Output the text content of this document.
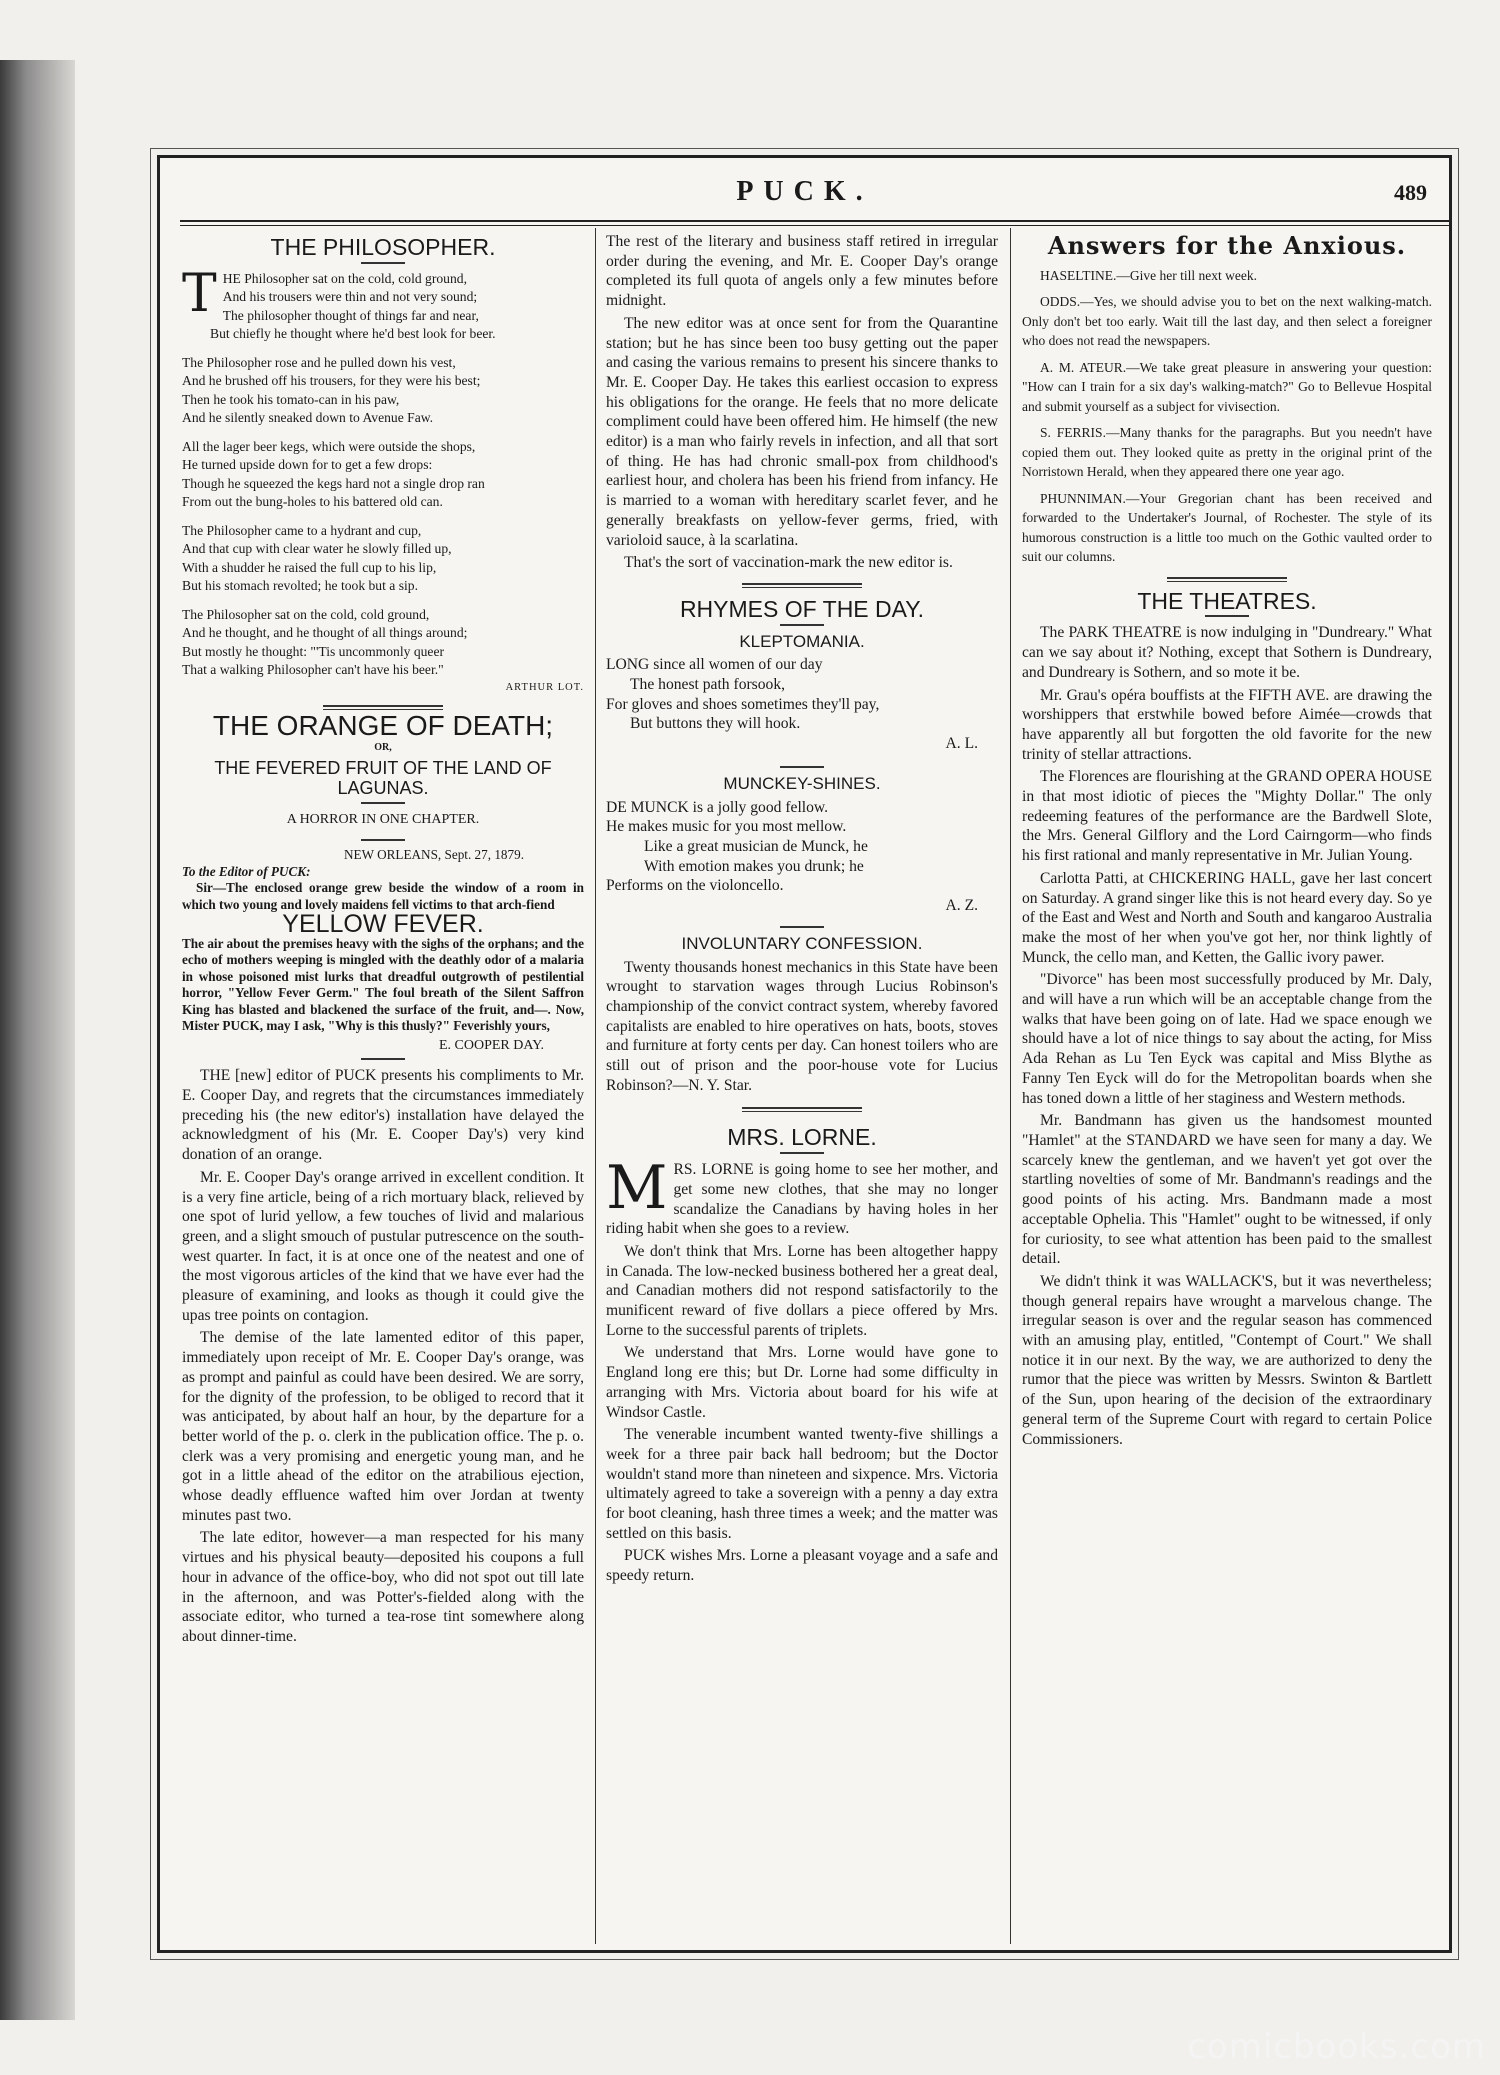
PUCK.	489
THE PHILOSOPHER.
T HE Philosopher sat on the cold, cold ground,
And his trousers were thin and not very sound;
The philosopher thought of things far and near,
But chiefly he thought where he'd best look for beer.
The Philosopher rose and he pulled down his vest,
And he brushed off his trousers, for they were his best;
Then he took his tomato-can in his paw,
And he silently sneaked down to Avenue Faw.
All the lager beer kegs, which were outside the shops,
He turned upside down for to get a few drops:
Though he squeezed the kegs hard not a single drop ran
From out the bung-holes to his battered old can.
The Philosopher came to a hydrant and cup,
And that cup with clear water he slowly filled up,
With a shudder he raised the full cup to his lip,
But his stomach revolted; he took but a sip.
The Philosopher sat on the cold, cold ground,
And he thought, and he thought of all things around;
But mostly he thought: "'Tis uncommonly queer
That a walking Philosopher can't have his beer."
ARTHUR LOT.
THE ORANGE OF DEATH;
OR,
THE FEVERED FRUIT OF THE LAND OF LAGUNAS.
A HORROR IN ONE CHAPTER.
NEW ORLEANS, Sept. 27, 1879.
To the Editor of PUCK:

Sir—The enclosed orange grew beside the window of a room in which two young and lovely maidens fell victims to that arch-fiend

YELLOW FEVER.

The air about the premises heavy with the sighs of the orphans; and the echo of mothers weeping is mingled with the deathly odor of a malaria in whose poisoned mist lurks that dreadful outgrowth of pestilential horror, "Yellow Fever Germ." The foul breath of the Silent Saffron King has blasted and blackened the surface of the fruit, and—. Now, Mister PUCK, may I ask, "Why is this thusly?" Feverishly yours,

E. COOPER DAY.

THE [new] editor of PUCK presents his compliments to Mr. E. Cooper Day, and regrets that the circumstances immediately preceding his (the new editor's) installation have delayed the acknowledgment of his (Mr. E. Cooper Day's) very kind donation of an orange.

Mr. E. Cooper Day's orange arrived in excellent condition. It is a very fine article, being of a rich mortuary black, relieved by one spot of lurid yellow, a few touches of livid and malarious green, and a slight smouch of pustular putrescence on the south-west quarter. In fact, it is at once one of the neatest and one of the most vigorous articles of the kind that we have ever had the pleasure of examining, and looks as though it could give the upas tree points on contagion.

The demise of the late lamented editor of this paper, immediately upon receipt of Mr. E. Cooper Day's orange, was as prompt and painful as could have been desired. We are sorry, for the dignity of the profession, to be obliged to record that it was anticipated, by about half an hour, by the departure for a better world of the p. o. clerk in the publication office. The p. o. clerk was a very promising and energetic young man, and he got in a little ahead of the editor on the atrabilious ejection, whose deadly effluence wafted him over Jordan at twenty minutes past two.

The late editor, however—a man respected for his many virtues and his physical beauty—deposited his coupons a full hour in advance of the office-boy, who did not spot out till late in the afternoon, and was Potter's-fielded along with the associate editor, who turned a tea-rose tint somewhere along about dinner-time.

The rest of the literary and business staff retired in irregular order during the evening, and Mr. E. Cooper Day's orange completed its full quota of angels only a few minutes before midnight.

The new editor was at once sent for from the Quarantine station; but he has since been too busy getting out the paper and casing the various remains to present his sincere thanks to Mr. E. Cooper Day. He takes this earliest occasion to express his obligations for the orange. He feels that no more delicate compliment could have been offered him. He himself (the new editor) is a man who fairly revels in infection, and all that sort of thing. He has had chronic small-pox from childhood's earliest hour, and cholera has been his friend from infancy. He is married to a woman with hereditary scarlet fever, and he generally breakfasts on yellow-fever germs, fried, with varioloid sauce, à la scarlatina.

That's the sort of vaccination-mark the new editor is.

RHYMES OF THE DAY.
KLEPTOMANIA.
LONG since all women of our day
The honest path forsook,
For gloves and shoes sometimes they'll pay,
But buttons they will hook.
A. L.
MUNCKEY-SHINES.
DE MUNCK is a jolly good fellow.
He makes music for you most mellow.
Like a great musician de Munck, he
With emotion makes you drunk; he
Performs on the violoncello.
A. Z.
INVOLUNTARY CONFESSION.

Twenty thousands honest mechanics in this State have been wrought to starvation wages through Lucius Robinson's championship of the convict contract system, whereby favored capitalists are enabled to hire operatives on hats, boots, stoves and furniture at forty cents per day. Can honest toilers who are still out of prison and the poor-house vote for Lucius Robinson?—N. Y. Star.

MRS. LORNE.

MRS. LORNE is going home to see her mother, and get some new clothes, that she may no longer scandalize the Canadians by having holes in her riding habit when she goes to a review.

We don't think that Mrs. Lorne has been altogether happy in Canada. The low-necked business bothered her a great deal, and Canadian mothers did not respond satisfactorily to the munificent reward of five dollars a piece offered by Mrs. Lorne to the successful parents of triplets.

We understand that Mrs. Lorne would have gone to England long ere this; but Dr. Lorne had some difficulty in arranging with Mrs. Victoria about board for his wife at Windsor Castle.

The venerable incumbent wanted twenty-five shillings a week for a three pair back hall bedroom; but the Doctor wouldn't stand more than nineteen and sixpence. Mrs. Victoria ultimately agreed to take a sovereign with a penny a day extra for boot cleaning, hash three times a week; and the matter was settled on this basis.

PUCK wishes Mrs. Lorne a pleasant voyage and a safe and speedy return.

Answers for the Anxious.

HASELTINE.—Give her till next week.

ODDS.—Yes, we should advise you to bet on the next walking-match. Only don't bet too early. Wait till the last day, and then select a foreigner who does not read the newspapers.

A. M. ATEUR.—We take great pleasure in answering your question: "How can I train for a six day's walking-match?" Go to Bellevue Hospital and submit yourself as a subject for vivisection.

S. FERRIS.—Many thanks for the paragraphs. But you needn't have copied them out. They looked quite as pretty in the original print of the Norristown Herald, when they appeared there one year ago.

PHUNNIMAN.—Your Gregorian chant has been received and forwarded to the Undertaker's Journal, of Rochester. The style of its humorous construction is a little too much on the Gothic vaulted order to suit our columns.

THE THEATRES.

The PARK THEATRE is now indulging in "Dundreary." What can we say about it? Nothing, except that Sothern is Dundreary, and Dundreary is Sothern, and so mote it be.

Mr. Grau's opéra bouffists at the FIFTH AVE. are drawing the worshippers that erstwhile bowed before Aimée—crowds that have apparently all but forgotten the old favorite for the new trinity of stellar attractions.

The Florences are flourishing at the GRAND OPERA HOUSE in that most idiotic of pieces the "Mighty Dollar." The only redeeming features of the performance are the Bardwell Slote, the Mrs. General Gilflory and the Lord Cairngorm—who finds his first rational and manly representative in Mr. Julian Young.

Carlotta Patti, at CHICKERING HALL, gave her last concert on Saturday. A grand singer like this is not heard every day. So ye of the East and West and North and South and kangaroo Australia make the most of her when you've got her, nor think lightly of Munck, the cello man, and Ketten, the Gallic ivory pawer.

"Divorce" has been most successfully produced by Mr. Daly, and will have a run which will be an acceptable change from the walks that have been going on of late. Had we space enough we should have a lot of nice things to say about the acting, for Miss Ada Rehan as Lu Ten Eyck was capital and Miss Blythe as Fanny Ten Eyck will do for the Metropolitan boards when she has toned down a little of her staginess and Western methods.

Mr. Bandmann has given us the handsomest mounted "Hamlet" at the STANDARD we have seen for many a day. We scarcely knew the gentleman, and we haven't yet got over the startling novelties of some of Mr. Bandmann's readings and the good points of his acting. Mrs. Bandmann made a most acceptable Ophelia. This "Hamlet" ought to be witnessed, if only for curiosity, to see what attention has been paid to the smallest detail.

We didn't think it was WALLACK'S, but it was nevertheless; though general repairs have wrought a marvelous change. The irregular season is over and the regular season has commenced with an amusing play, entitled, "Contempt of Court." We shall notice it in our next. By the way, we are authorized to deny the rumor that the piece was written by Messrs. Swinton & Bartlett of the Sun, upon hearing of the decision of the extraordinary general term of the Supreme Court with regard to certain Police Commissioners.

comicbooks.com
